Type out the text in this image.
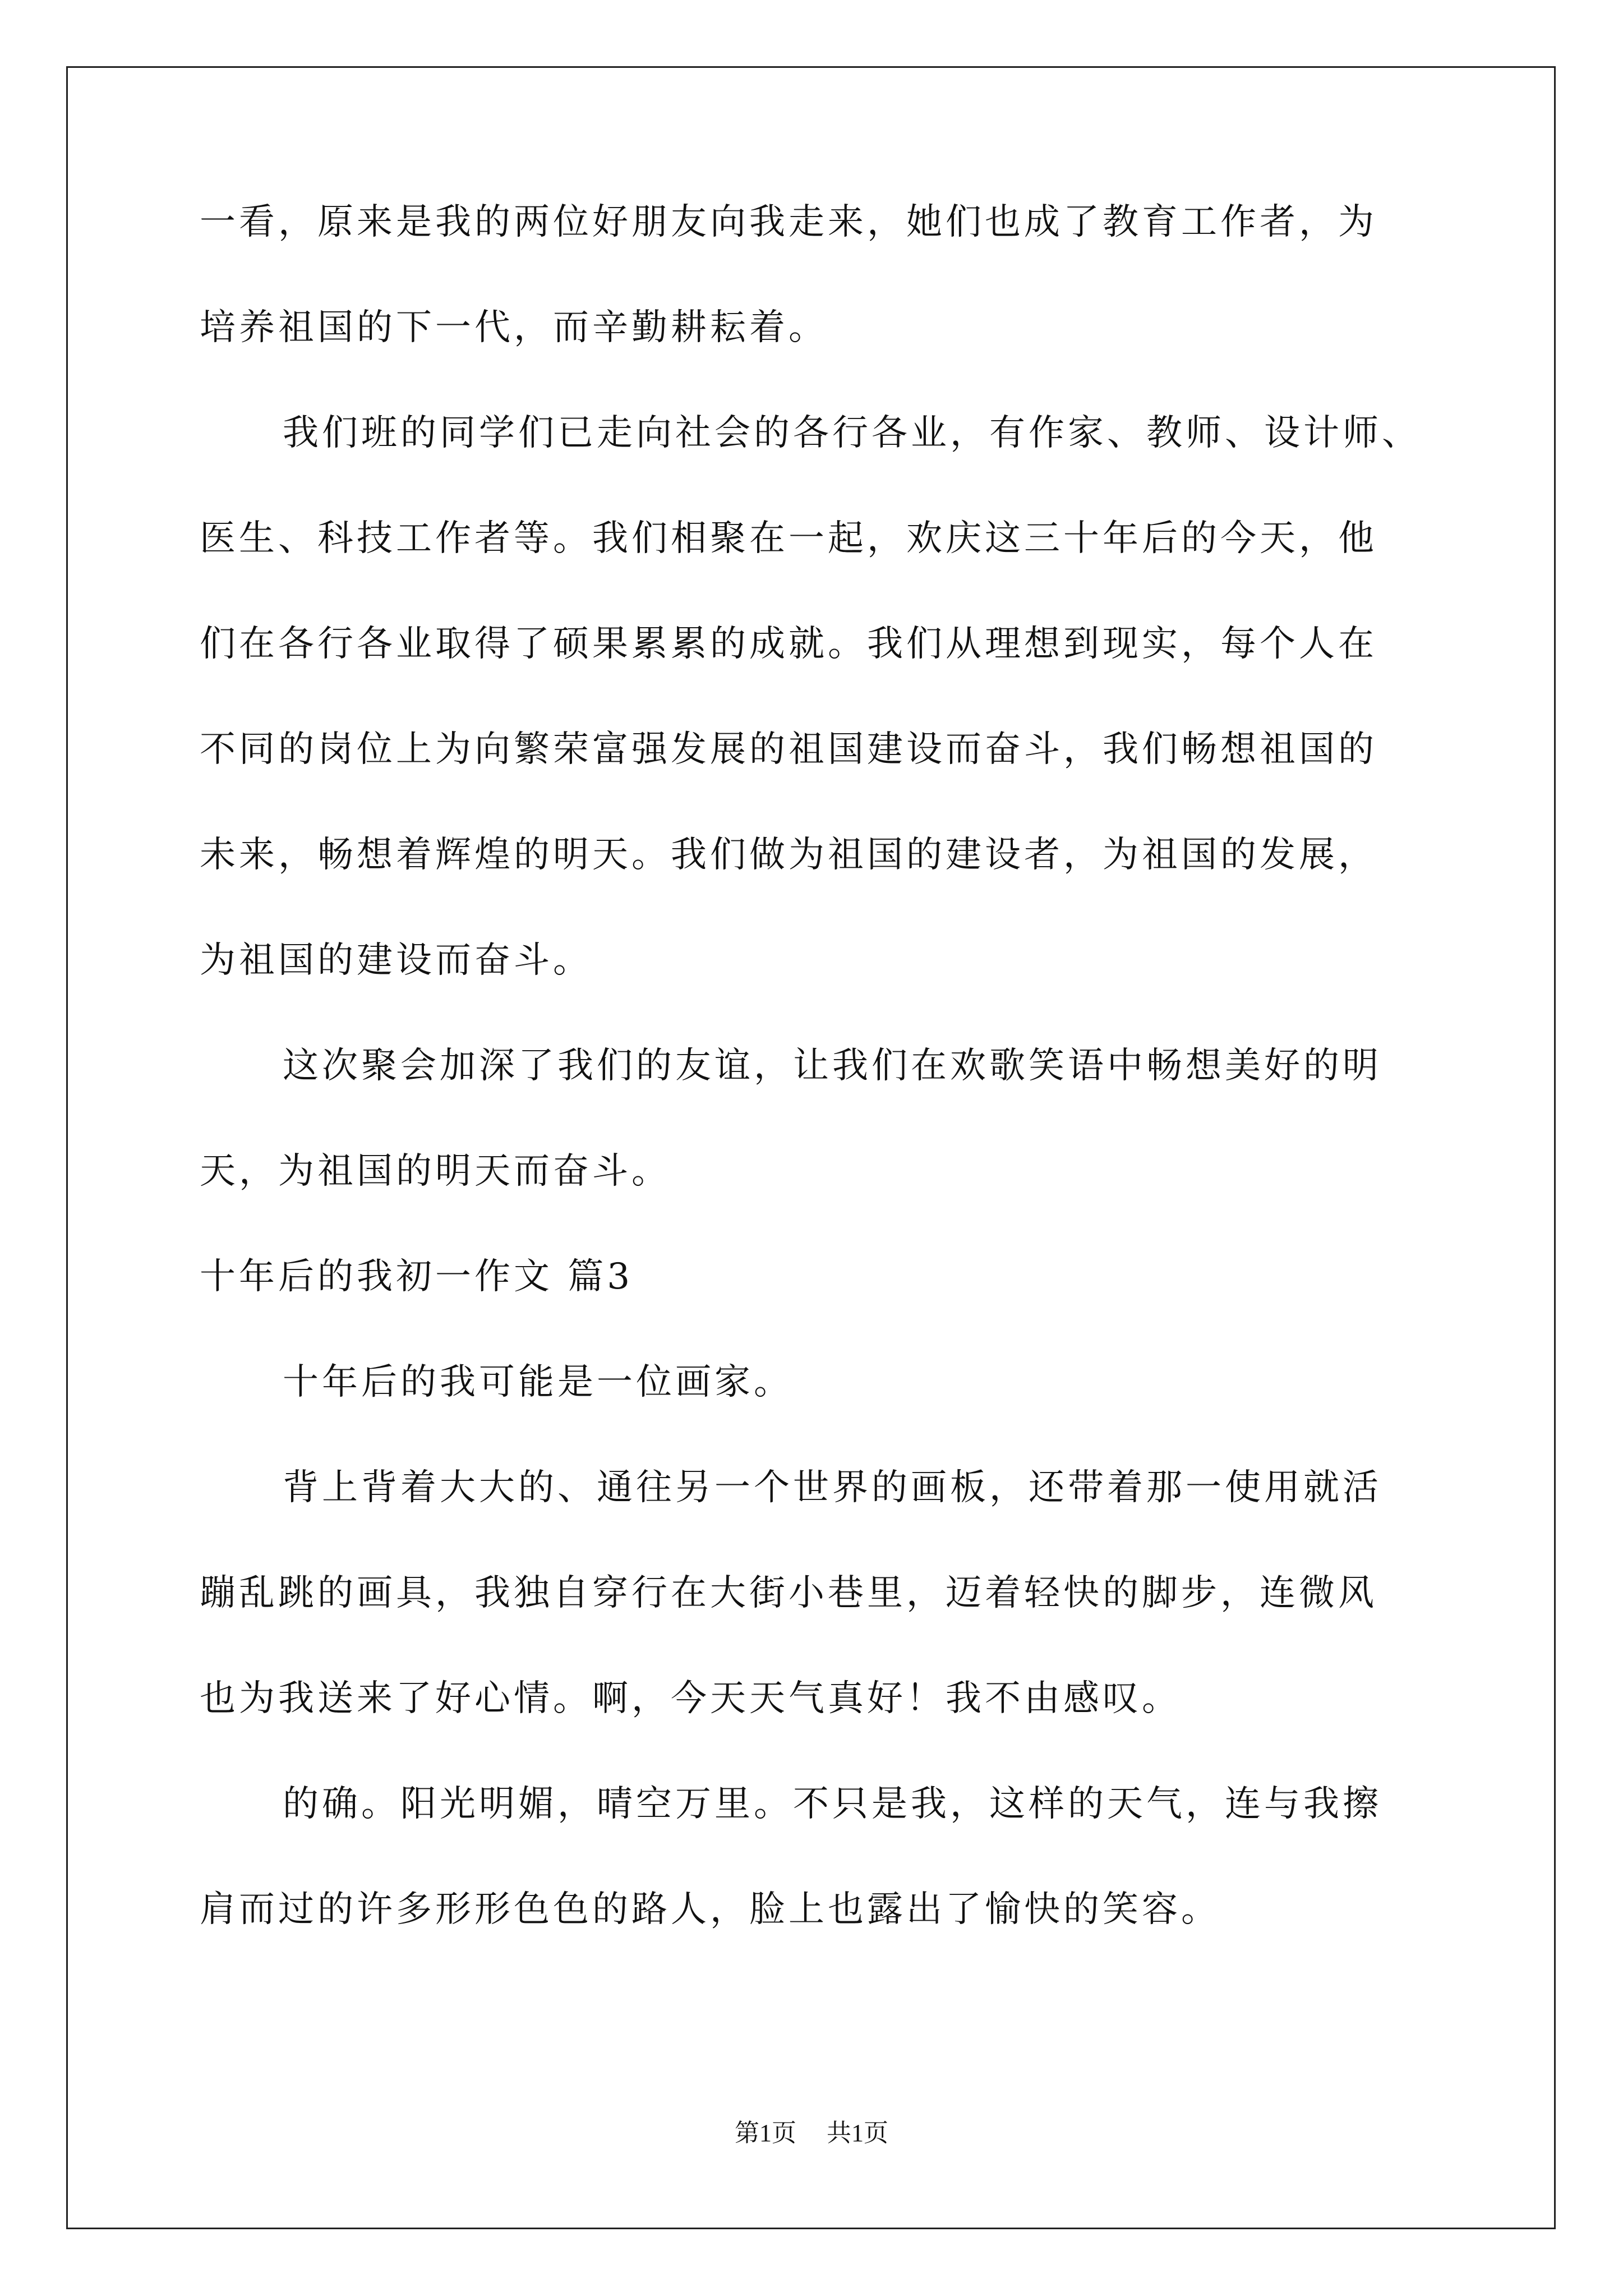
一看，原来是我的两位好朋友向我走来，她们也成了教育工作者，为
培养祖国的下一代，而辛勤耕耘着。
我们班的同学们已走向社会的各行各业，有作家、教师、设计师、
医生、科技工作者等。我们相聚在一起，欢庆这三十年后的今天，他
们在各行各业取得了硕果累累的成就。我们从理想到现实，每个人在
不同的岗位上为向繁荣富强发展的祖国建设而奋斗，我们畅想祖国的
未来，畅想着辉煌的明天。我们做为祖国的建设者，为祖国的发展，
为祖国的建设而奋斗。
这次聚会加深了我们的友谊，让我们在欢歌笑语中畅想美好的明
天，为祖国的明天而奋斗。
十年后的我初一作文 篇3
十年后的我可能是一位画家。
背上背着大大的、通往另一个世界的画板，还带着那一使用就活
蹦乱跳的画具，我独自穿行在大街小巷里，迈着轻快的脚步，连微风
也为我送来了好心情。啊，今天天气真好！我不由感叹。
的确。阳光明媚，晴空万里。不只是我，这样的天气，连与我擦
肩而过的许多形形色色的路人，脸上也露出了愉快的笑容。
第1页 共1页
